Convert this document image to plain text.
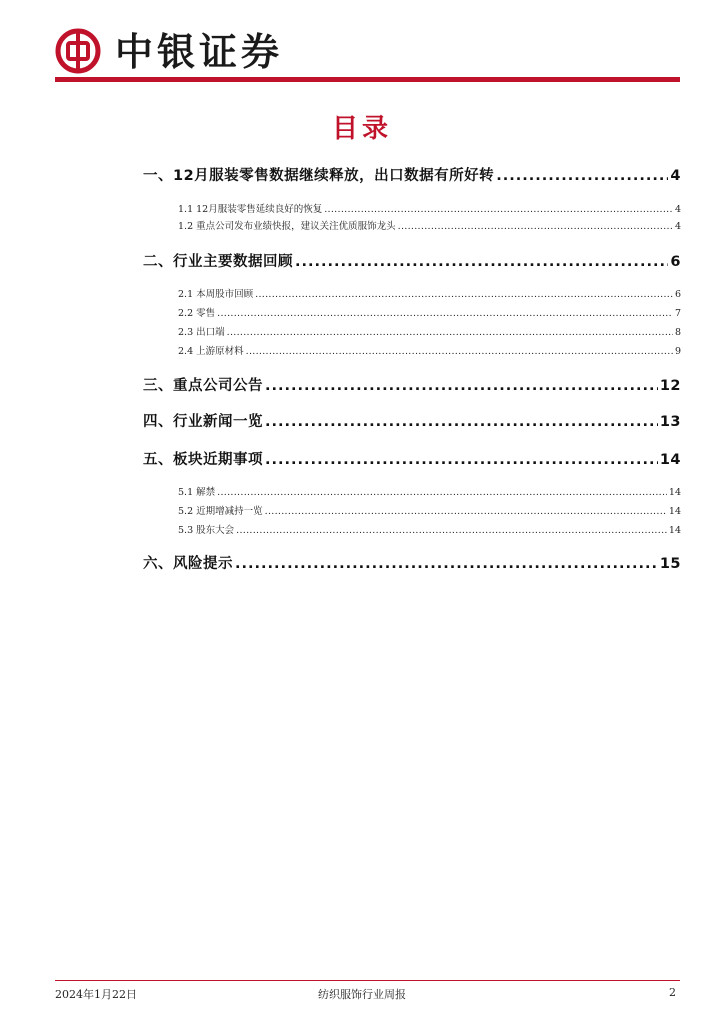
中银证券
目录
一、12月服装零售数据继续释放，出口数据有所好转 .....	4
1.1 12月服装零售延续良好的恢复 .....	4
1.2 重点公司发布业绩快报，建议关注优质服饰龙头 .....	4
二、行业主要数据回顾 .....	6
2.1 本周股市回顾 .....	6
2.2 零售 .....	7
2.3 出口端 .....	8
2.4 上游原材料 .....	9
三、重点公司公告 .....	12
四、行业新闻一览 .....	13
五、板块近期事项 .....	14
5.1 解禁 .....	14
5.2 近期增减持一览 .....	14
5.3 股东大会 .....	14
六、风险提示 .....	15
2024年1月22日	纺织服饰行业周报	2
